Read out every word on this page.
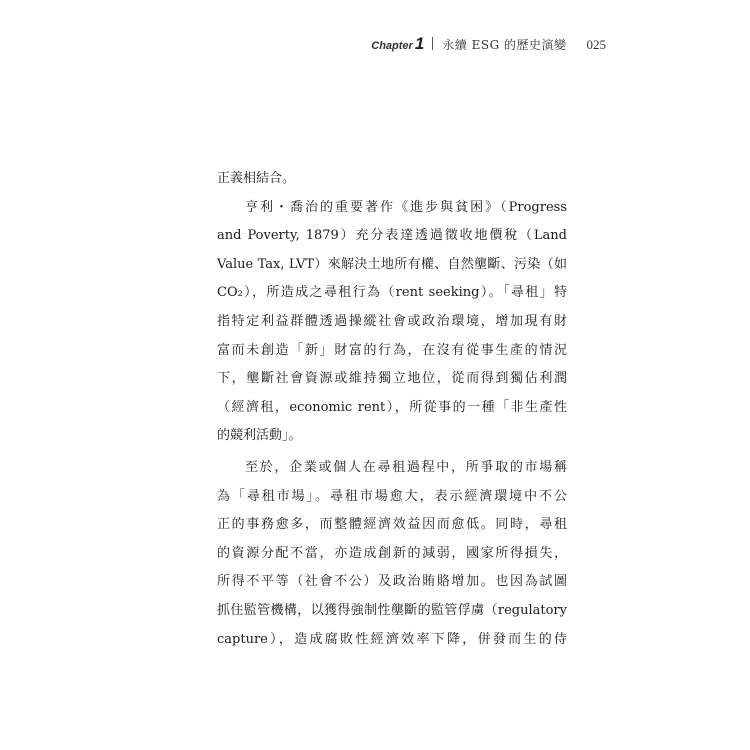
Chapter 1 永續 ESG 的歷史演變 025
正義相結合。
亨利・喬治的重要著作《進步與貧困》（Progress
and Poverty, 1879）充分表達透過徵收地價稅（Land
Value Tax, LVT）來解決土地所有權、自然壟斷、污染（如
CO₂），所造成之尋租行為（rent seeking）。「尋租」特
指特定利益群體透過操縱社會或政治環境，增加現有財
富而未創造「新」財富的行為，在沒有從事生產的情況
下，壟斷社會資源或維持獨立地位，從而得到獨佔利潤
（經濟租，economic rent），所從事的一種「非生產性
的競利活動」。
至於，企業或個人在尋租過程中，所爭取的市場稱
為「尋租市場」。尋租市場愈大，表示經濟環境中不公
正的事務愈多，而整體經濟效益因而愈低。同時，尋租
的資源分配不當，亦造成創新的減弱，國家所得損失，
所得不平等（社會不公）及政治賄賂增加。也因為試圖
抓住監管機構，以獲得強制性壟斷的監管俘虜（regulatory
capture），造成腐敗性經濟效率下降，併發而生的侍
